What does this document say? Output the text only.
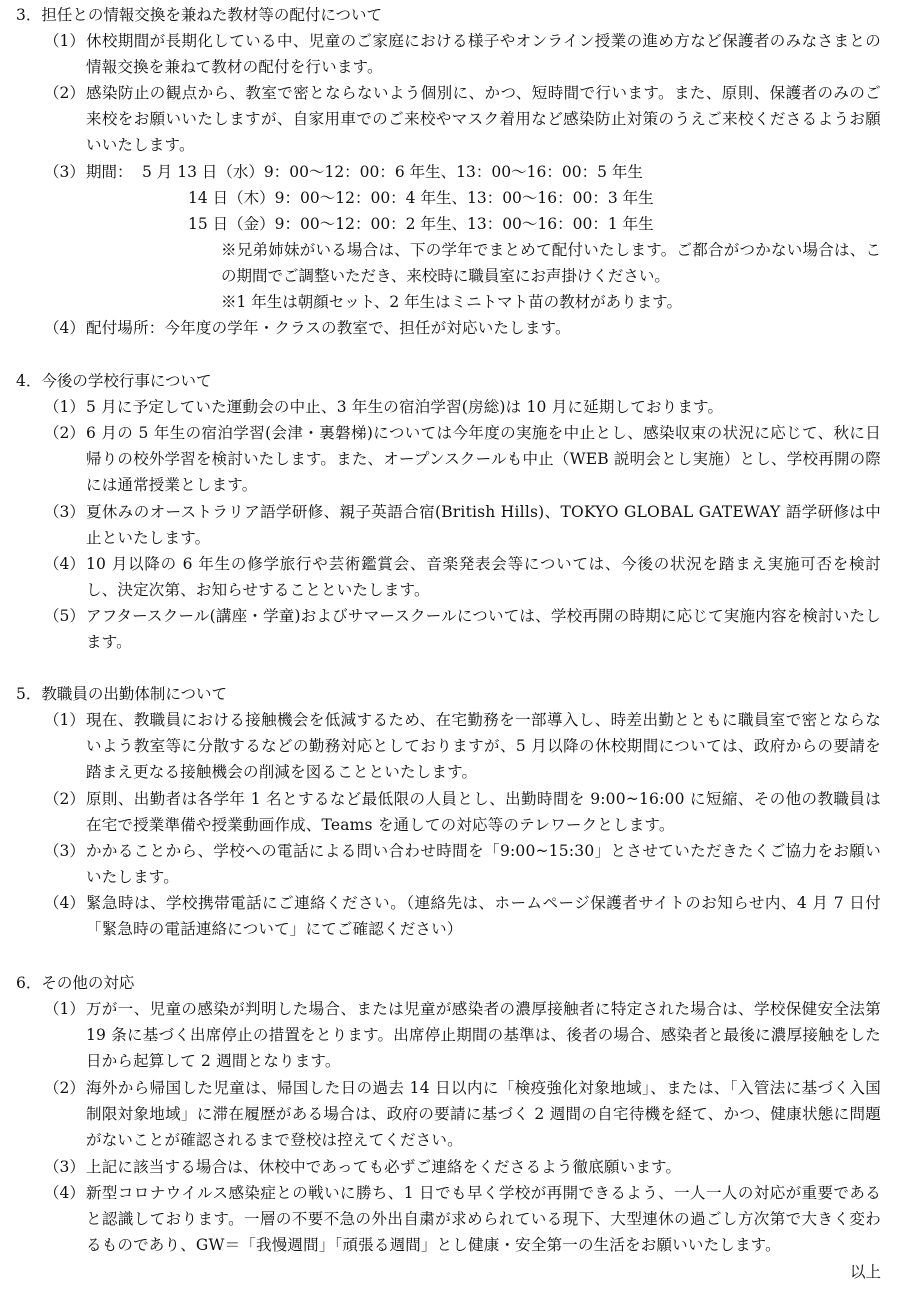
3．担任との情報交換を兼ねた教材等の配付について
（1） 休校期間が長期化している中、児童のご家庭における様子やオンライン授業の進め方など保護者のみなさまとの情報交換を兼ねて教材の配付を行います。
（2） 感染防止の観点から、教室で密とならないよう個別に、かつ、短時間で行います。また、原則、保護者のみのご来校をお願いいたしますが、自家用車でのご来校やマスク着用など感染防止対策のうえご来校くださるようお願いいたします。
（3） 期間： 5 月 13 日（水）9：00〜12：00：6 年生、13：00〜16：00：5 年生
14 日（木）9：00〜12：00：4 年生、13：00〜16：00：3 年生
15 日（金）9：00〜12：00：2 年生、13：00〜16：00：1 年生
※兄弟姉妹がいる場合は、下の学年でまとめて配付いたします。ご都合がつかない場合は、この期間でご調整いただき、来校時に職員室にお声掛けください。
※1 年生は朝顔セット、2 年生はミニトマト苗の教材があります。
（4） 配付場所：今年度の学年・クラスの教室で、担任が対応いたします。
4．今後の学校行事について
（1） 5 月に予定していた運動会の中止、3 年生の宿泊学習(房総)は 10 月に延期しております。
（2） 6 月の 5 年生の宿泊学習(会津・裏磐梯)については今年度の実施を中止とし、感染収束の状況に応じて、秋に日帰りの校外学習を検討いたします。また、オープンスクールも中止（WEB 説明会とし実施）とし、学校再開の際には通常授業とします。
（3） 夏休みのオーストラリア語学研修、親子英語合宿(British Hills)、TOKYO GLOBAL GATEWAY 語学研修は中止といたします。
（4） 10 月以降の 6 年生の修学旅行や芸術鑑賞会、音楽発表会等については、今後の状況を踏まえ実施可否を検討し、決定次第、お知らせすることといたします。
（5） アフタースクール(講座・学童)およびサマースクールについては、学校再開の時期に応じて実施内容を検討いたします。
5．教職員の出勤体制について
（1） 現在、教職員における接触機会を低減するため、在宅勤務を一部導入し、時差出勤とともに職員室で密とならないよう教室等に分散するなどの勤務対応としておりますが、5 月以降の休校期間については、政府からの要請を踏まえ更なる接触機会の削減を図ることといたします。
（2） 原則、出勤者は各学年 1 名とするなど最低限の人員とし、出勤時間を 9:00~16:00 に短縮、その他の教職員は在宅で授業準備や授業動画作成、Teams を通しての対応等のテレワークとします。
（3） かかることから、学校への電話による問い合わせ時間を「9:00~15:30」とさせていただきたくご協力をお願いいたします。
（4） 緊急時は、学校携帯電話にご連絡ください。（連絡先は、ホームページ保護者サイトのお知らせ内、4 月 7 日付「緊急時の電話連絡について」にてご確認ください）
6．その他の対応
（1） 万が一、児童の感染が判明した場合、または児童が感染者の濃厚接触者に特定された場合は、学校保健安全法第 19 条に基づく出席停止の措置をとります。出席停止期間の基準は、後者の場合、感染者と最後に濃厚接触をした日から起算して 2 週間となります。
（2） 海外から帰国した児童は、帰国した日の過去 14 日以内に「検疫強化対象地域」、または、「入管法に基づく入国制限対象地域」に滞在履歴がある場合は、政府の要請に基づく 2 週間の自宅待機を経て、かつ、健康状態に問題がないことが確認されるまで登校は控えてください。
（3） 上記に該当する場合は、休校中であっても必ずご連絡をくださるよう徹底願います。
（4） 新型コロナウイルス感染症との戦いに勝ち、1 日でも早く学校が再開できるよう、一人一人の対応が重要であると認識しております。一層の不要不急の外出自粛が求められている現下、大型連休の過ごし方次第で大きく変わるものであり、GW＝「我慢週間」「頑張る週間」とし健康・安全第一の生活をお願いいたします。
以上
